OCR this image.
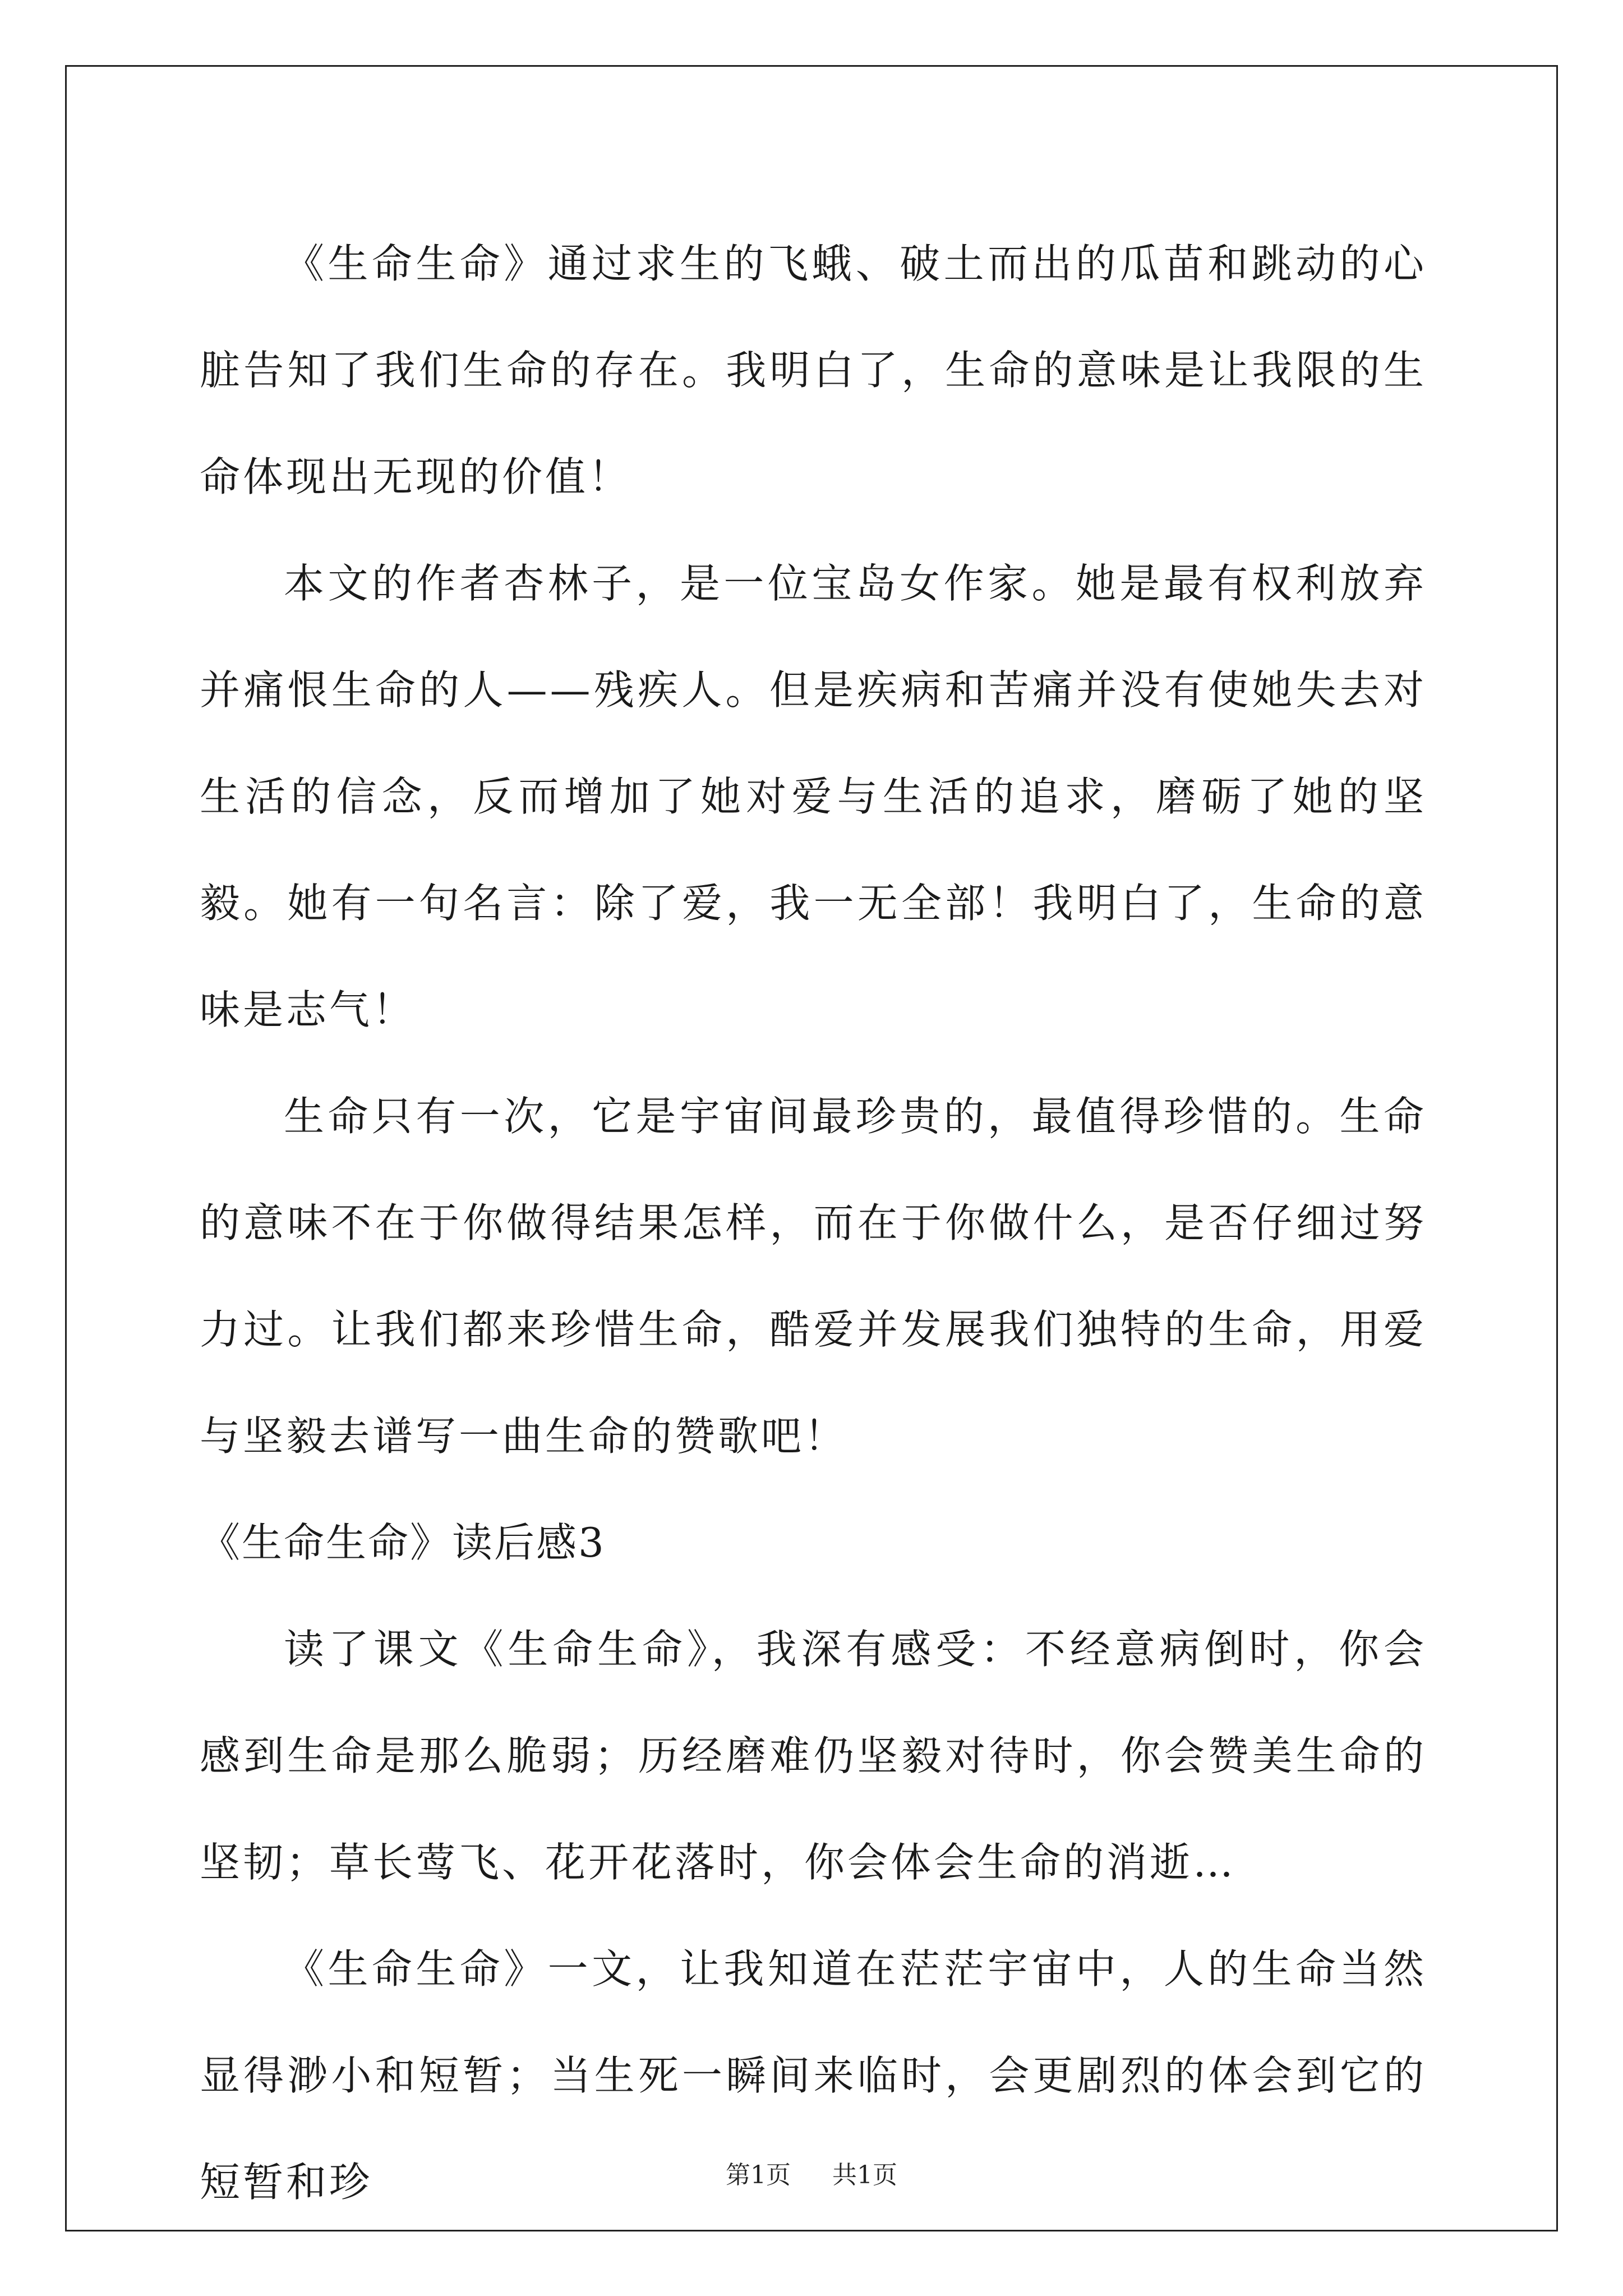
《生命生命》通过求生的飞蛾、破土而出的瓜苗和跳动的心脏告知了我们生命的存在。我明白了，生命的意味是让我限的生命体现出无现的价值！

本文的作者杏林子，是一位宝岛女作家。她是最有权利放弃并痛恨生命的人——残疾人。但是疾病和苦痛并没有使她失去对生活的信念，反而增加了她对爱与生活的追求，磨砺了她的坚毅。她有一句名言：除了爱，我一无全部！我明白了，生命的意味是志气！

生命只有一次，它是宇宙间最珍贵的，最值得珍惜的。生命的意味不在于你做得结果怎样，而在于你做什么，是否仔细过努力过。让我们都来珍惜生命，酷爱并发展我们独特的生命，用爱与坚毅去谱写一曲生命的赞歌吧！

《生命生命》读后感3

读了课文《生命生命》，我深有感受：不经意病倒时，你会感到生命是那么脆弱；历经磨难仍坚毅对待时，你会赞美生命的坚韧；草长莺飞、花开花落时，你会体会生命的消逝…

《生命生命》一文，让我知道在茫茫宇宙中，人的生命当然显得渺小和短暂；当生死一瞬间来临时，会更剧烈的体会到它的短暂和珍	第1页 共1页
